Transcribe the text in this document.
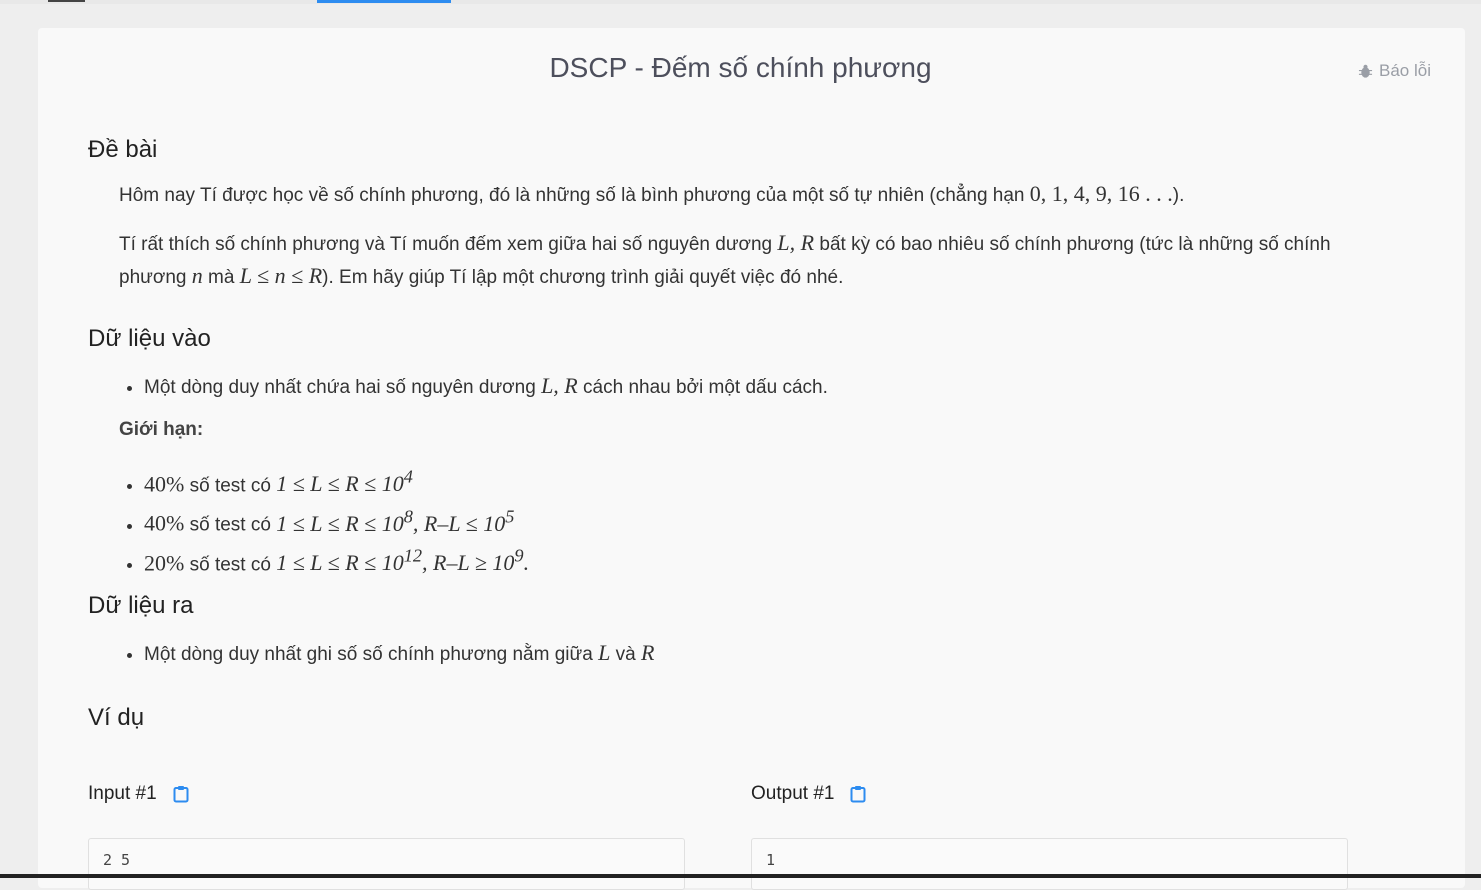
DSCP - Đếm số chính phương	Báo lỗi
Đề bài

Hôm nay Tí được học về số chính phương, đó là những số là bình phương của một số tự nhiên (chẳng hạn 0, 1, 4, 9, 16 . . .).

Tí rất thích số chính phương và Tí muốn đếm xem giữa hai số nguyên dương L, R bất kỳ có bao nhiêu số chính phương (tức là những số chính phương n mà L ≤ n ≤ R). Em hãy giúp Tí lập một chương trình giải quyết việc đó nhé.

Dữ liệu vào
• Một dòng duy nhất chứa hai số nguyên dương L, R cách nhau bởi một dấu cách.

Giới hạn:

• 40% số test có $1 \le L \le R \le 10^4$
• 40% số test có $1 \le L \le R \le 10^8$, $R-L \le 10^5$
• 20% số test có $1 \le L \le R \le 10^{12}$, $R-L \ge 10^9$.
Dữ liệu ra
• Một dòng duy nhất ghi số số chính phương nằm giữa L và R
Ví dụ
Input #1	Output #1
2 5	1
